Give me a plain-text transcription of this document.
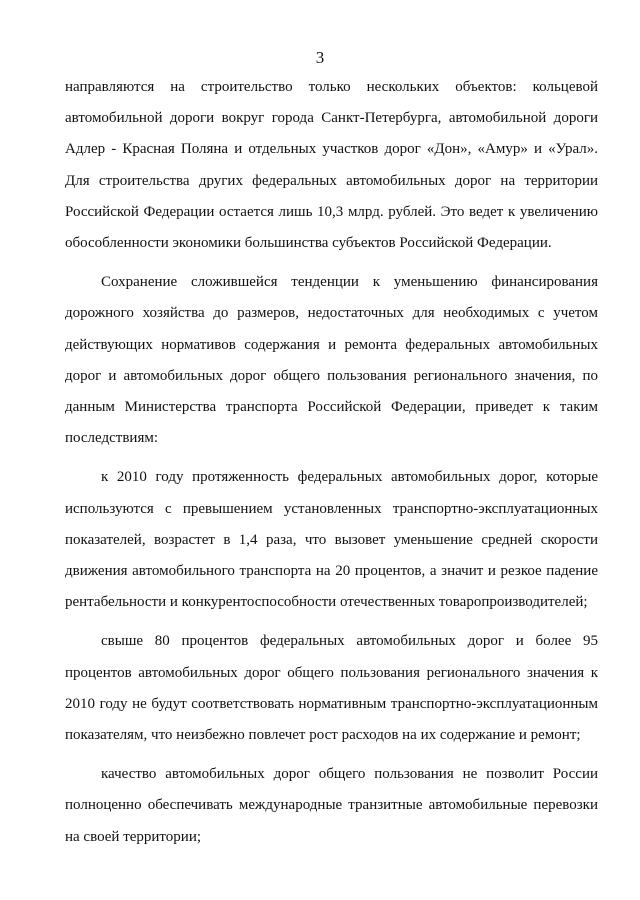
3

направляются на строительство только нескольких объектов: кольцевой автомобильной дороги вокруг города Санкт-Петербурга, автомобильной дороги Адлер - Красная Поляна и отдельных участков дорог «Дон», «Амур» и «Урал». Для строительства других федеральных автомобильных дорог на территории Российской Федерации остается лишь 10,3 млрд. рублей. Это ведет к увеличению обособленности экономики большинства субъектов Российской Федерации.

Сохранение сложившейся тенденции к уменьшению финансирования дорожного хозяйства до размеров, недостаточных для необходимых с учетом действующих нормативов содержания и ремонта федеральных автомобильных дорог и автомобильных дорог общего пользования регионального значения, по данным Министерства транспорта Российской Федерации, приведет к таким последствиям:

к 2010 году протяженность федеральных автомобильных дорог, которые используются с превышением установленных транспортно-эксплуатационных показателей, возрастет в 1,4 раза, что вызовет уменьшение средней скорости движения автомобильного транспорта на 20 процентов, а значит и резкое падение рентабельности и конкурентоспособности отечественных товаропроизводителей;

свыше 80 процентов федеральных автомобильных дорог и более 95 процентов автомобильных дорог общего пользования регионального значения к 2010 году не будут соответствовать нормативным транспортно-эксплуатационным показателям, что неизбежно повлечет рост расходов на их содержание и ремонт;

качество автомобильных дорог общего пользования не позволит России полноценно обеспечивать международные транзитные автомобильные перевозки на своей территории;
